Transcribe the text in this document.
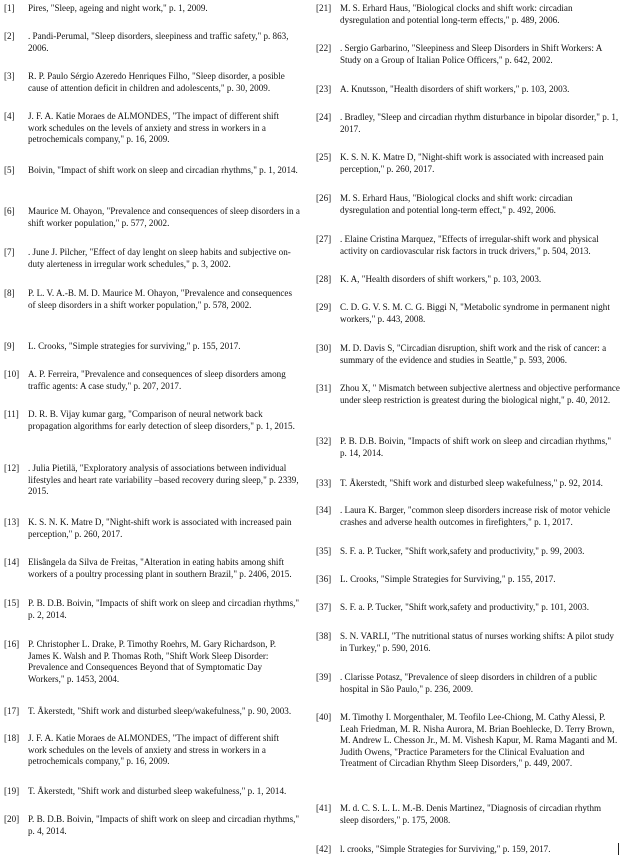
[1]	Pires, "Sleep, ageing and night work," p. 1, 2009.
[2]	. Pandi-Perumal, "Sleep disorders, sleepiness and traffic safety," p. 863, 2006.
[3]	R. P. Paulo Sérgio Azeredo Henriques Filho, "Sleep disorder, a posible cause of attention deficit in children and adolescents," p. 30, 2009.
[4]	J. F. A. Katie Moraes de ALMONDES, "The impact of different shift work schedules on the levels of anxiety and stress in workers in a petrochemicals company," p. 16, 2009.
[5]	Boivin, "Impact of shift work on sleep and circadian rhythms," p. 1, 2014.
[6]	Maurice M. Ohayon, "Prevalence and consequences of sleep disorders in a shift worker population," p. 577, 2002.
[7]	. June J. Pilcher, "Effect of day lenght on sleep habits and subjective on-duty alerteness in irregular work schedules," p. 3, 2002.
[8]	P. L. V. A.-B. M. D. Maurice M. Ohayon, "Prevalence and consequences of sleep disorders in a shift worker population," p. 578, 2002.
[9]	L. Crooks, "Simple strategies for surviving," p. 155, 2017.
[10] A. P. Ferreira, "Prevalence and consequences of sleep disorders among traffic agents: A case study," p. 207, 2017.
[11]	D. R. B. Vijay kumar garg, "Comparison of neural network back propagation algorithms for early detection of sleep disorders," p. 1, 2015.
[12] . Julia Pietilä, "Exploratory analysis of associations between individual lifestyles and heart rate variability –based recovery during sleep," p. 2339, 2015.
[13] K. S. N. K. Matre D, "Night-shift work is associated with increased pain perception," p. 260, 2017.
[14] Elisângela da Silva de Freitas, "Alteration in eating habits among shift workers of a poultry processing plant in southern Brazil," p. 2406, 2015.
[15] P. B. D.B. Boivin, "Impacts of shift work on sleep and circadian rhythms," p. 2, 2014.
[16] P. Christopher L. Drake, P. Timothy Roehrs, M. Gary Richardson, P. James K. Walsh and P. Thomas Roth, "Shift Work Sleep Disorder: Prevalence and Consequences Beyond that of Symptomatic Day Workers," p. 1453, 2004.
[17] T. Åkerstedt, "Shift work and disturbed sleep/wakefulness," p. 90, 2003.
[18] J. F. A. Katie Moraes de ALMONDES, "The impact of different shift work schedules on the levels of anxiety and stress in workers in a petrochemicals company," p. 16, 2009.
[19] T. Åkerstedt, "Shift work and disturbed sleep wakefulness," p. 1, 2014.
[20] P. B. D.B. Boivin, "Impacts of shift work on sleep and circadian rhythms," p. 4, 2014.
[21] M. S. Erhard Haus, "Biological clocks and shift work: circadian dysregulation and potential long-term effects," p. 489, 2006.
[22] . Sergio Garbarino, "Sleepiness and Sleep Disorders in Shift Workers: A Study on a Group of Italian Police Officers," p. 642, 2002.
[23] A. Knutsson, "Health disorders of shift workers," p. 103, 2003.
[24] . Bradley, "Sleep and circadian rhythm disturbance in bipolar disorder," p. 1, 2017.
[25] K. S. N. K. Matre D, "Night-shift work is associated with increased pain perception," p. 260, 2017.
[26] M. S. Erhard Haus, "Biological clocks and shift work: circadian dysregulation and potential long-term effect," p. 492, 2006.
[27] . Elaine Cristina Marquez, "Effects of irregular-shift work and physical activity on cardiovascular risk factors in truck drivers," p. 504, 2013.
[28] K. A, "Health disorders of shift workers," p. 103, 2003.
[29] C. D. G. V. S. M. C. G. Biggi N, "Metabolic syndrome in permanent night workers," p. 443, 2008.
[30] M. D. Davis S, "Circadian disruption, shift work and the risk of cancer: a summary of the evidence and studies in Seattle," p. 593, 2006.
[31] Zhou X, " Mismatch between subjective alertness and objective performance under sleep restriction is greatest during the biological night," p. 40, 2012.
[32] P. B. D.B. Boivin, "Impacts of shift work on sleep and circadian rhythms," p. 14, 2014.
[33] T. Åkerstedt, "Shift work and disturbed sleep wakefulness," p. 92, 2014.
[34] . Laura K. Barger, "common sleep disorders increase risk of motor vehicle crashes and adverse health outcomes in firefighters," p. 1, 2017.
[35] S. F. a. P. Tucker, "Shift work,safety and productivity," p. 99, 2003.
[36] L. Crooks, "Simple Strategies for Surviving," p. 155, 2017.
[37] S. F. a. P. Tucker, "Shift work,safety and productivity," p. 101, 2003.
[38] S. N. VARLI, "The nutritional status of nurses working shifts: A pilot study in Turkey," p. 590, 2016.
[39] . Clarisse Potasz, "Prevalence of sleep disorders in children of a public hospital in São Paulo," p. 236, 2009.
[40] M. Timothy I. Morgenthaler, M. Teofilo Lee-Chiong, M. Cathy Alessi, P. Leah Friedman, M. R. Nisha Aurora, M. Brian Boehlecke, D. Terry Brown, M. Andrew L. Chesson Jr., M. M. Vishesh Kapur, M. Rama Maganti and M. Judith Owens, "Practice Parameters for the Clinical Evaluation and Treatment of Circadian Rhythm Sleep Disorders," p. 449, 2007.
[41] M. d. C. S. L. L. M.-B. Denis Martinez, "Diagnosis of circadian rhythm sleep disorders," p. 175, 2008.
[42] l. crooks, "Simple Strategies for Surviving," p. 159, 2017.
